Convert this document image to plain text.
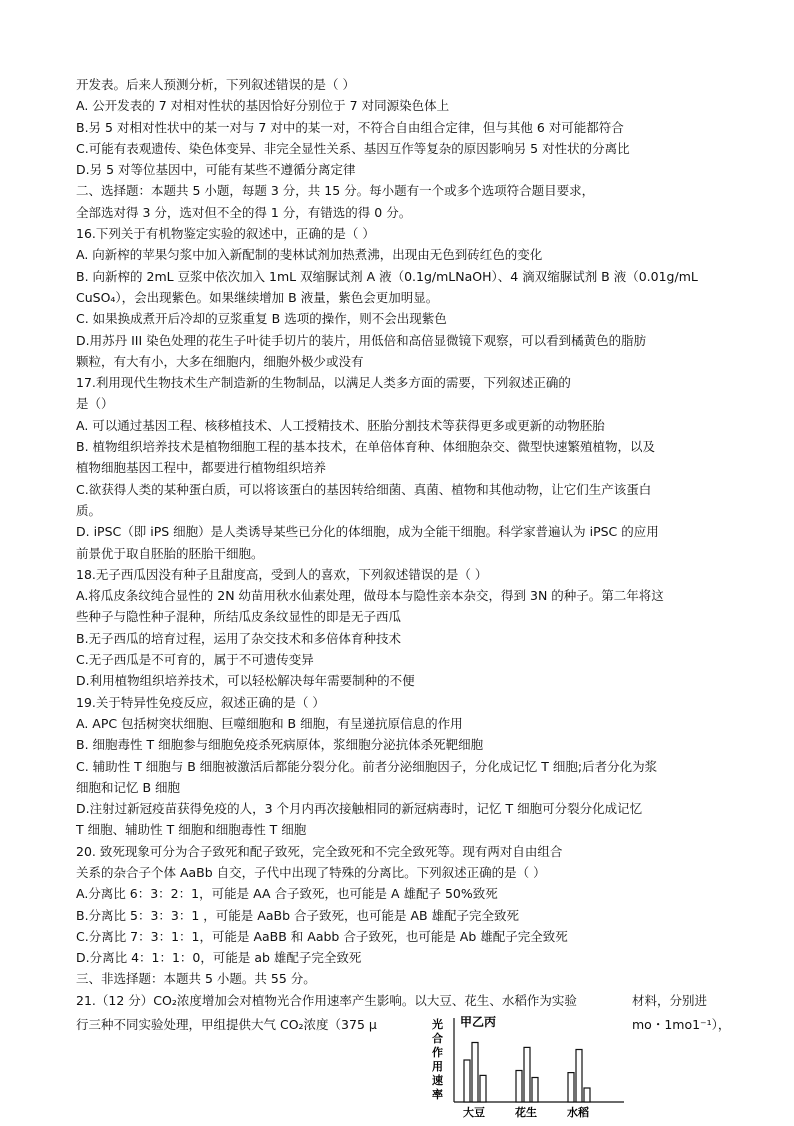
开发表。后来人预测分析，下列叙述错误的是（ ）
A. 公开发表的 7 对相对性状的基因恰好分别位于 7 对同源染色体上
B.另 5 对相对性状中的某一对与 7 对中的某一对，不符合自由组合定律，但与其他 6 对可能都符合
C.可能有表观遗传、染色体变异、非完全显性关系、基因互作等复杂的原因影响另 5 对性状的分离比
D.另 5 对等位基因中，可能有某些不遵循分离定律
二、选择题：本题共 5 小题，每题 3 分，共 15 分。每小题有一个或多个选项符合题目要求，
全部选对得 3 分，选对但不全的得 1 分，有错选的得 0 分。
16.下列关于有机物鉴定实验的叙述中，正确的是（ ）
A. 向新榨的苹果匀浆中加入新配制的斐林试剂加热煮沸，出现由无色到砖红色的变化
B. 向新榨的 2mL 豆浆中依次加入 1mL 双缩脲试剂 A 液（0.1g/mLNaOH）、4 滴双缩脲试剂 B 液（0.01g/mL
CuSO₄），会出现紫色。如果继续增加 B 液量，紫色会更加明显。
C. 如果换成煮开后冷却的豆浆重复 B 选项的操作，则不会出现紫色
D.用苏丹 III 染色处理的花生子叶徒手切片的装片，用低倍和高倍显微镜下观察，可以看到橘黄色的脂肪
颗粒，有大有小，大多在细胞内，细胞外极少或没有
17.利用现代生物技术生产制造新的生物制品，以满足人类多方面的需要，下列叙述正确的
是（）
A. 可以通过基因工程、核移植技术、人工授精技术、胚胎分割技术等获得更多或更新的动物胚胎
B. 植物组织培养技术是植物细胞工程的基本技术，在单倍体育种、体细胞杂交、微型快速繁殖植物，以及
植物细胞基因工程中，都要进行植物组织培养
C.欲获得人类的某种蛋白质，可以将该蛋白的基因转给细菌、真菌、植物和其他动物，让它们生产该蛋白
质。
D. iPSC（即 iPS 细胞）是人类诱导某些已分化的体细胞，成为全能干细胞。科学家普遍认为 iPSC 的应用
前景优于取自胚胎的胚胎干细胞。
18.无子西瓜因没有种子且甜度高，受到人的喜欢，下列叙述错误的是（ ）
A.将瓜皮条纹纯合显性的 2N 幼苗用秋水仙素处理，做母本与隐性亲本杂交，得到 3N 的种子。第二年将这
些种子与隐性种子混种，所结瓜皮条纹显性的即是无子西瓜
B.无子西瓜的培育过程，运用了杂交技术和多倍体育种技术
C.无子西瓜是不可育的，属于不可遗传变异
D.利用植物组织培养技术，可以轻松解决每年需要制种的不便
19.关于特异性免疫反应，叙述正确的是（ ）
A. APC 包括树突状细胞、巨噬细胞和 B 细胞，有呈递抗原信息的作用
B. 细胞毒性 T 细胞参与细胞免疫杀死病原体，浆细胞分泌抗体杀死靶细胞
C. 辅助性 T 细胞与 B 细胞被激活后都能分裂分化。前者分泌细胞因子，分化成记忆 T 细胞;后者分化为浆
细胞和记忆 B 细胞
D.注射过新冠疫苗获得免疫的人，3 个月内再次接触相同的新冠病毒时，记忆 T 细胞可分裂分化成记忆
T 细胞、辅助性 T 细胞和细胞毒性 T 细胞
20. 致死现象可分为合子致死和配子致死，完全致死和不完全致死等。现有两对自由组合
关系的杂合子个体 AaBb 自交，子代中出现了特殊的分离比。下列叙述正确的是（ ）
A.分离比 6：3：2：1，可能是 AA 合子致死，也可能是 A 雄配子 50%致死
B.分离比 5：3：3：1 ，可能是 AaBb 合子致死，也可能是 AB 雄配子完全致死
C.分离比 7：3：1：1，可能是 AaBB 和 Aabb 合子致死，也可能是 Ab 雄配子完全致死
D.分离比 4：1：1：0，可能是 ab 雄配子完全致死
三、非选择题：本题共 5 小题。共 55 分。
21.（12 分）CO₂浓度增加会对植物光合作用速率产生影响。以大豆、花生、水稻作为实验	材料，分别进
行三种不同实验处理，甲组提供大气 CO₂浓度（375 μ	mo・1mo1⁻¹），
光
合
作
用
速
率
甲乙丙
大豆	花生	水稻
